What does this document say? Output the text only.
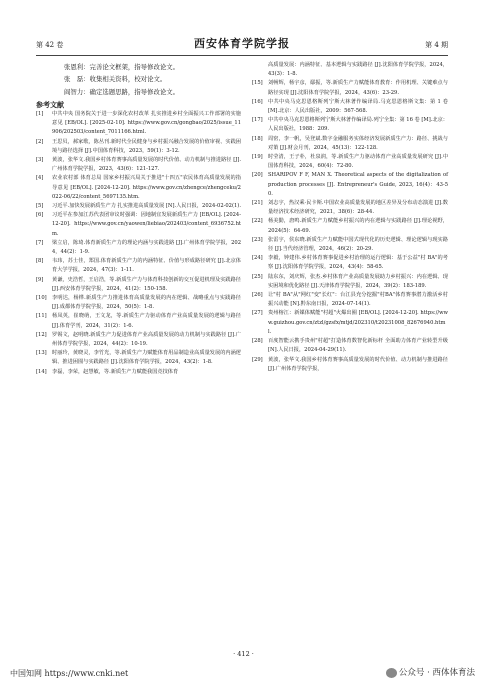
第 42 卷	西安体育学院学报	第 4 期
张恩利：完善论文框架，指导修改论文。
张　磊：收集相关资料，校对论文。
阎智力：确定选题思路，指导修改论文。
参考文献
[1]	中共中央 国务院关于进一步深化农村改革 扎实推进乡村全面振兴工作部署的实施意见 [EB/OL]. [2025-02-10]. https://www.gov.cn/gongbao/2025/issue_11906/202503/content_7011166.html.
[2]	王思贝，郝家歌，陈丛刊.新时代全民健身与乡村振兴融合发展的价值审视、实践困境与路径选择 [J].中国体育科技，2023，59(1)：3-12.
[3]	黄波，张华文.我国乡村体育赛事高质量发展的时代价值、动力机制与推进路径 [J].广州体育学院学报，2023，43(6)：121-127.
[4]	农业农村部 体育总局 国家乡村振兴局关于推进"十四五"农民体育高质量发展的指导意见 [EB/OL]. [2024-12-20]. https://www.gov.cn/zhengce/zhengceku/2022-06/22/content_5697135.htm.
[5]	习近平.加快发展新质生产力 扎实推进高质量发展 [N].人民日报，2024-02-02(1).
[6]	习近平在参加江苏代表团审议时强调：因地制宜发展新质生产力 [EB/OL]. [2024-12-20]. https://www.gov.cn/yaowen/liebiao/202403/content_6936752.htm.
[7]	梁立启，陈琦.体育新质生产力的理论内涵与实践进路 [J].广州体育学院学报，2024，44(2)：1-9.
[8]	韦玮，苏士佳，郑国.体育新质生产力的内涵特征、价值与形成路径研究 [J].北京体育大学学报，2024，47(3)：1-11.
[9]	黄谦，史浩哲，王启浩，等.新质生产力与体育科技创新的交互促进机理及实践路径 [J].西安体育学院学报，2024，41(2)：150-158.
[10]	李明达，杨桦.新质生产力推进体育高质量发展的内在逻辑、战略重点与实践路径 [J].成都体育学院学报，2024，50(5)：1-8.
[11]	杨凤英，崔晓萌，王文龙，等.新质生产力驱动体育产业高质量发展的逻辑与路径 [J].体育学刊，2024，31(2)：1-6.
[12]	罗锡文，赵明晓.新质生产力促进体育产业高质量发展的动力机制与实践路径 [J].广州体育学院学报，2024，44(2)：10-19.
[13]	时丽玲，黄晓灵，李竹光，等.新质生产力赋能体育用品制造业高质量发展的内涵逻辑、推进困囿与实践路径 [J].沈阳体育学院学报，2024，43(2)：1-8.
[14]	李磊，李荣，赵慧敏，等.新质生产力赋能我国竞技体育
高质量发展：内涵特征、基本逻辑与实践路径 [J].沈阳体育学院学报，2024，43(3)：1-8.
[15]	刘畅辉，杨宇彦，鄢振，等.新质生产力赋能体育教育：作用机理、关键难点与路径实现 [J].沈阳体育学院学报，2024，43(6)：23-29.
[16]	中共中央马克思恩格斯列宁斯大林著作编译局.马克思恩格斯文集：第 1 卷 [M].北京：人民出版社，2009：567-568.
[17]	中共中央马克思恩格斯列宁斯大林著作编译局.列宁全集：第 16 卷 [M].北京：人民出版社，1988：209.
[18]	周密，李一帆，吴登斌.数字金融服务实体经济发展新质生产力：路径、挑战与对策 [J].财会月刊，2024，45(13)：122-128.
[19]	时莹清，王子朴，杜泉润，等.新质生产力驱动体育产业高质量发展研究 [J].中国体育科技，2024，60(4)：72-80.
[20]	SHARIPOV F F, MAN X. Theoretical aspects of the digitalization of production processes [J]. Entrepreneur's Guide, 2023, 16(4)：43-50.
[21]	刘志宇，热汉乘·民卡斯.中国农业高质量发展的地区差异及分布动态演进 [J].数量经济技术经济研究，2021，38(6)：28-44.
[22]	杨美勤，唐鸣.新质生产力赋能乡村振兴的内在逻辑与实践路径 [J].理论视野，2024(5)：64-69.
[23]	张雷宇，侯东晓.新质生产力赋能中国式现代化的历史逻辑、理论逻辑与现实路径 [J].当代经济管理，2024，46(2)：20-29.
[24]	李毅，钟建伟.乡村体育赛事促进乡村治理的运行逻辑：基于公益"村 BA"的考察 [J].沈阳体育学院学报，2024，43(4)：58-65.
[25]	陆东东，刘庆辉，张杰.乡村体育产业高质量发展助力乡村振兴：内在逻辑、现实困境和优化路径 [J].天津体育学院学报，2024，39(2)：183-189.
[26]	让"村 BA"从"网红"变"长红"：台江县充分挖掘"村BA"体育赛事潜力激活乡村振兴动能 [N].黔东南日报，2024-07-14(1).
[27]	贵州榕江：新媒体赋能"村超"火爆出圈 [EB/OL]. [2024-12-20]. https://www.guizhou.gov.cn/ztzl/gzsfx/mtjd/202310/t20231008_82676940.html.
[28]	百度智能云携手贵州"村超"打造体育数智化新标杆 全面助力体育产业转型升级 [N].人民日报，2024-04-29(11).
[29]	黄波，张华文.我国乡村体育赛事高质量发展的时代价值、动力机制与推进路径 [J].广州体育学院学报，
· 412 ·
中国知网 https://www.cnki.net	公众号 · 西体体育法
